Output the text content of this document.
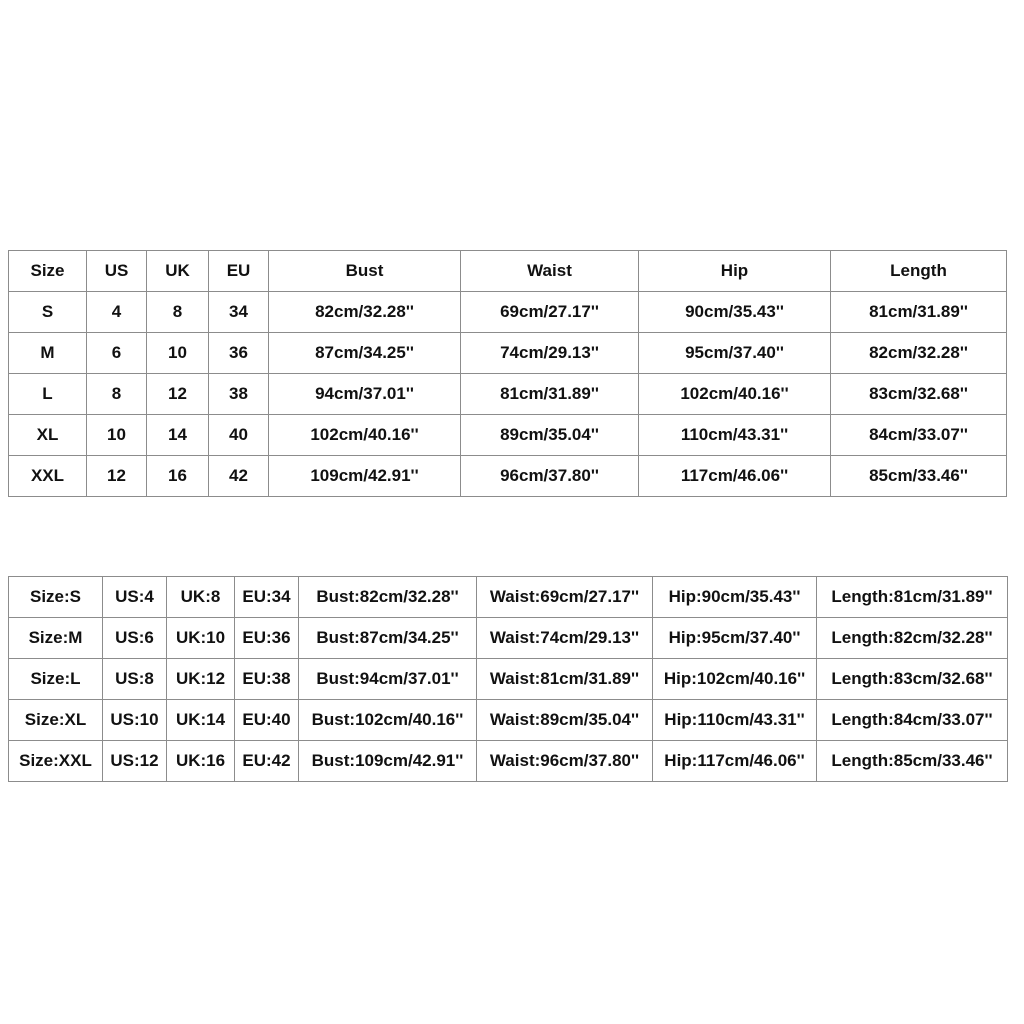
Size	US	UK	EU	Bust	Waist	Hip	Length
S	4	8	34	82cm/32.28''	69cm/27.17''	90cm/35.43''	81cm/31.89''
M	6	10	36	87cm/34.25''	74cm/29.13''	95cm/37.40''	82cm/32.28''
L	8	12	38	94cm/37.01''	81cm/31.89''	102cm/40.16''	83cm/32.68''
XL	10	14	40	102cm/40.16''	89cm/35.04''	110cm/43.31''	84cm/33.07''
XXL	12	16	42	109cm/42.91''	96cm/37.80''	117cm/46.06''	85cm/33.46''
Size:S	US:4	UK:8	EU:34	Bust:82cm/32.28''	Waist:69cm/27.17''	Hip:90cm/35.43''	Length:81cm/31.89''
Size:M	US:6	UK:10	EU:36	Bust:87cm/34.25''	Waist:74cm/29.13''	Hip:95cm/37.40''	Length:82cm/32.28''
Size:L	US:8	UK:12	EU:38	Bust:94cm/37.01''	Waist:81cm/31.89''	Hip:102cm/40.16''	Length:83cm/32.68''
Size:XL	US:10	UK:14	EU:40	Bust:102cm/40.16''	Waist:89cm/35.04''	Hip:110cm/43.31''	Length:84cm/33.07''
Size:XXL	US:12	UK:16	EU:42	Bust:109cm/42.91''	Waist:96cm/37.80''	Hip:117cm/46.06''	Length:85cm/33.46''
